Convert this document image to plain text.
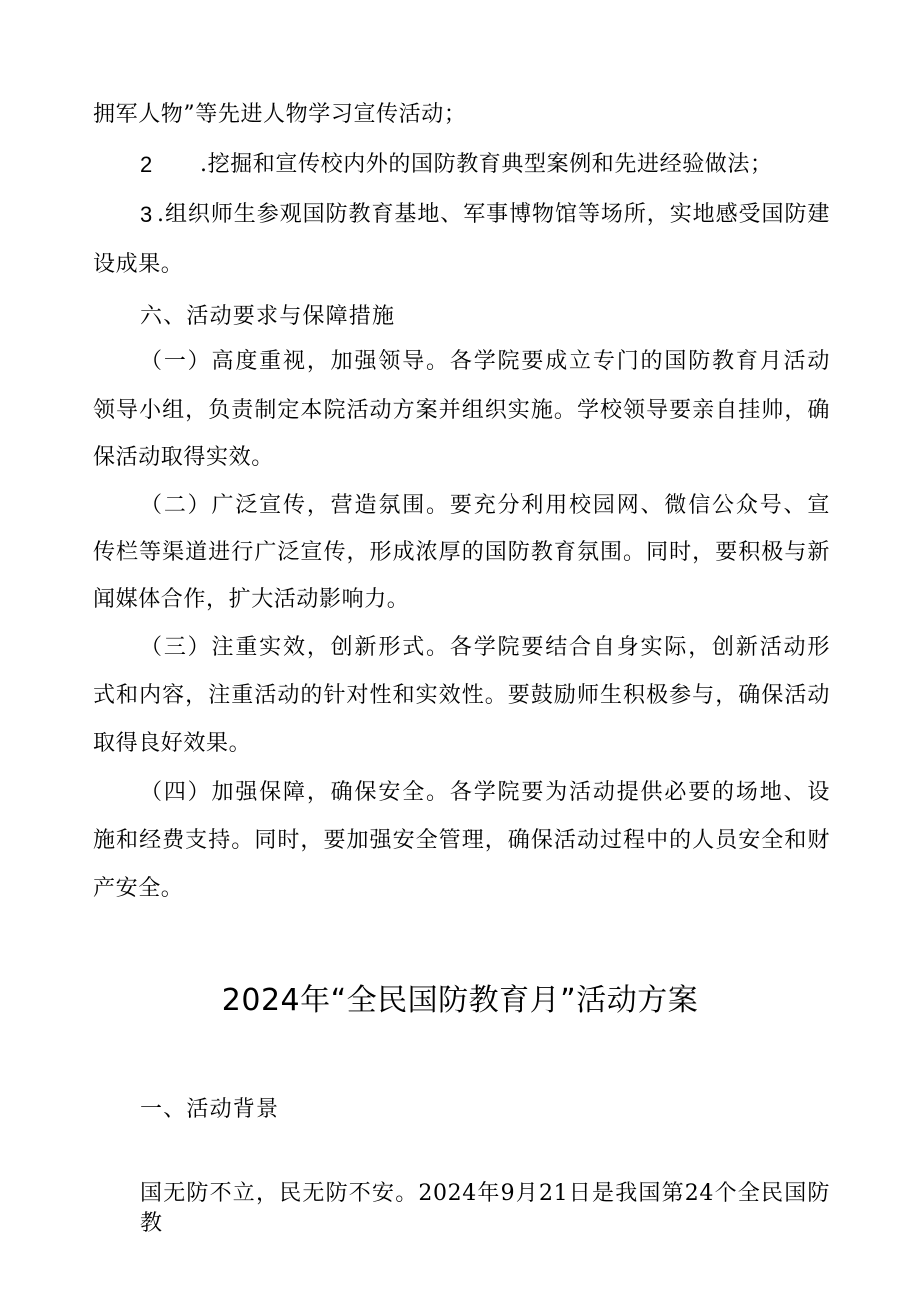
拥军人物”等先进人物学习宣传活动；
2	.挖掘和宣传校内外的国防教育典型案例和先进经验做法；
3 .组织师生参观国防教育基地、军事博物馆等场所，实地感受国防建
设成果。
六、活动要求与保障措施
（一）高度重视，加强领导。各学院要成立专门的国防教育月活动
领导小组，负责制定本院活动方案并组织实施。学校领导要亲自挂帅，确
保活动取得实效。
（二）广泛宣传，营造氛围。要充分利用校园网、微信公众号、宣
传栏等渠道进行广泛宣传，形成浓厚的国防教育氛围。同时，要积极与新
闻媒体合作，扩大活动影响力。
（三）注重实效，创新形式。各学院要结合自身实际，创新活动形
式和内容，注重活动的针对性和实效性。要鼓励师生积极参与，确保活动
取得良好效果。
（四）加强保障，确保安全。各学院要为活动提供必要的场地、设
施和经费支持。同时，要加强安全管理，确保活动过程中的人员安全和财
产安全。
2024年“全民国防教育月”活动方案
一、活动背景
国无防不立，民无防不安。2024年9月21日是我国第24个全民国防教
